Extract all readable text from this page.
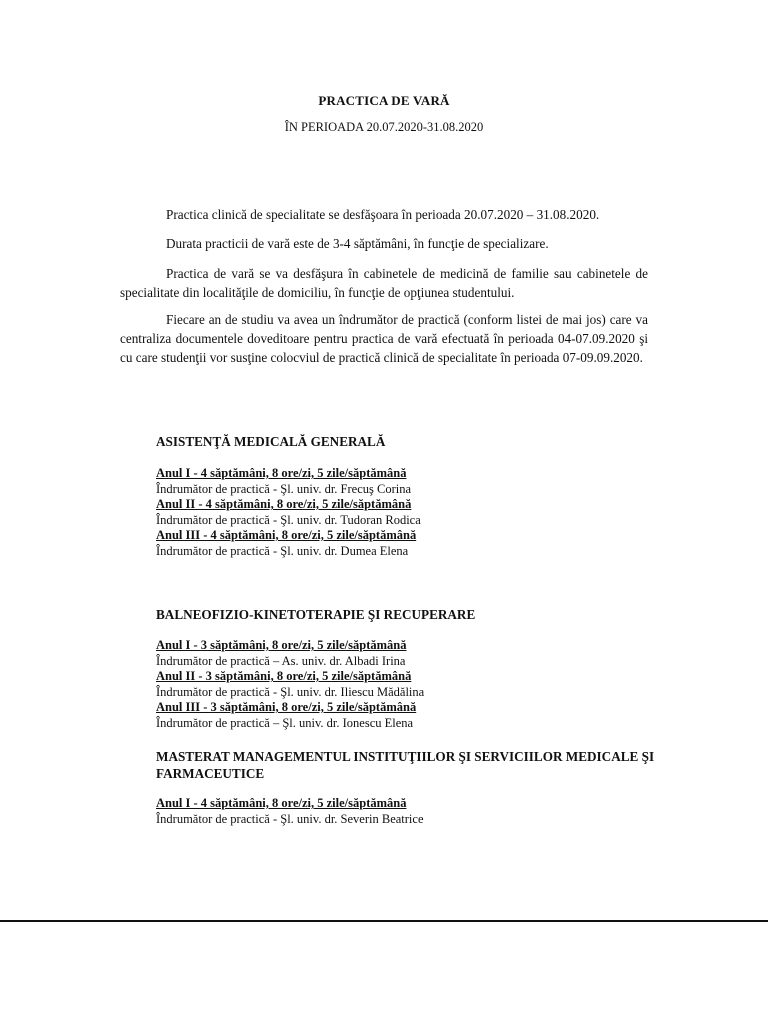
PRACTICA DE VARĂ
ÎN PERIOADA 20.07.2020-31.08.2020
Practica clinică de specialitate se desfăşoara în perioada 20.07.2020 – 31.08.2020.
Durata practicii de vară este de 3-4 săptămâni, în funcţie de specializare.
Practica de vară se va desfăşura în cabinetele de medicină de familie sau cabinetele de specialitate din localităţile de domiciliu, în funcţie de opţiunea studentului.
Fiecare an de studiu va avea un îndrumător de practică (conform listei de mai jos) care va centraliza documentele doveditoare pentru practica de vară efectuată în perioada 04-07.09.2020 şi cu care studenţii vor susţine colocviul de practică clinică de specialitate în perioada 07-09.09.2020.
ASISTENŢĂ MEDICALĂ GENERALĂ
Anul I - 4 săptămâni, 8 ore/zi, 5 zile/săptămână
Îndrumător de practică - Şl. univ. dr. Frecuş Corina
Anul II - 4 săptămâni, 8 ore/zi, 5 zile/săptămână
Îndrumător de practică - Şl. univ. dr. Tudoran Rodica
Anul III - 4 săptămâni, 8 ore/zi, 5 zile/săptămână
Îndrumător de practică - Şl. univ. dr. Dumea Elena
BALNEOFIZIO-KINETOTERAPIE ŞI RECUPERARE
Anul I - 3 săptămâni, 8 ore/zi, 5 zile/săptămână
Îndrumător de practică – As. univ. dr. Albadi Irina
Anul II - 3 săptămâni, 8 ore/zi, 5 zile/săptămână
Îndrumător de practică - Şl. univ. dr. Iliescu Mădălina
Anul III - 3 săptămâni, 8 ore/zi, 5 zile/săptămână
Îndrumător de practică – Şl. univ. dr. Ionescu Elena
MASTERAT MANAGEMENTUL INSTITUŢIILOR ŞI SERVICIILOR MEDICALE ŞI FARMACEUTICE
Anul I - 4 săptămâni, 8 ore/zi, 5 zile/săptămână
Îndrumător de practică - Şl. univ. dr. Severin Beatrice
